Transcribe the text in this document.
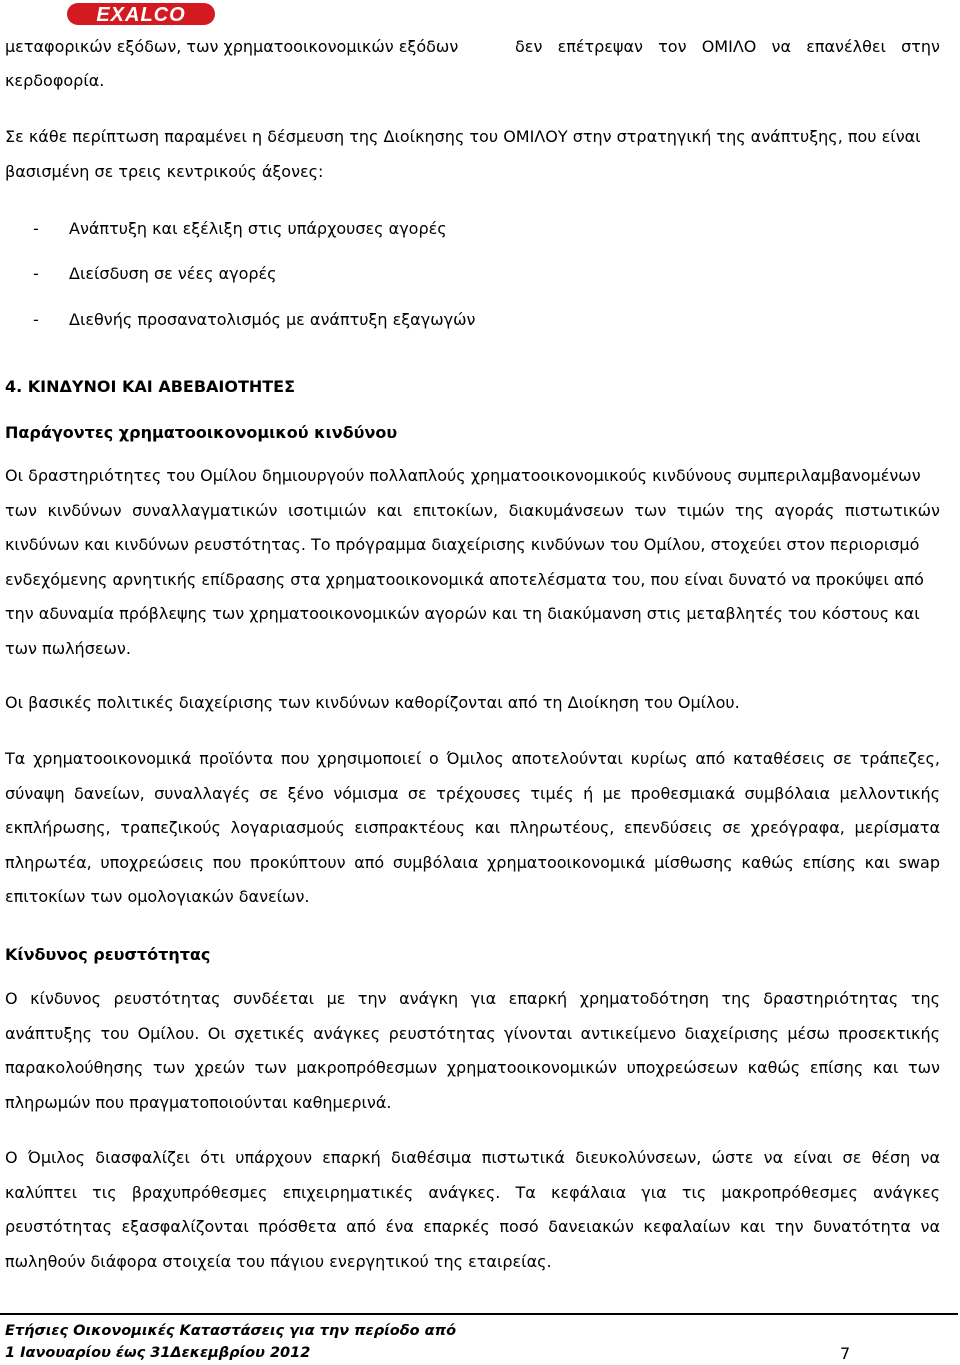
EXALCO
μεταφορικών εξόδων, των χρηματοοικονομικών εξόδων	δεν επέτρεψαν τον ΟΜΙΛΟ να επανέλθει στην
κερδοφορία.
Σε κάθε περίπτωση παραμένει η δέσμευση της Διοίκησης του ΟΜΙΛΟΥ στην στρατηγική της ανάπτυξης, που είναι
βασισμένη σε τρεις κεντρικούς άξονες:
- Ανάπτυξη και εξέλιξη στις υπάρχουσες αγορές
- Διείσδυση σε νέες αγορές
- Διεθνής προσανατολισμός με ανάπτυξη εξαγωγών
4. ΚΙΝΔΥΝΟΙ ΚΑΙ ΑΒΕΒΑΙΟΤΗΤΕΣ
Παράγοντες χρηματοοικονομικού κινδύνου
Οι δραστηριότητες του Ομίλου δημιουργούν πολλαπλούς χρηματοοικονομικούς κινδύνους συμπεριλαμβανομένων
των κινδύνων συναλλαγματικών ισοτιμιών και επιτοκίων, διακυμάνσεων των τιμών της αγοράς πιστωτικών
κινδύνων και κινδύνων ρευστότητας. Το πρόγραμμα διαχείρισης κινδύνων του Ομίλου, στοχεύει στον περιορισμό
ενδεχόμενης αρνητικής επίδρασης στα χρηματοοικονομικά αποτελέσματα του, που είναι δυνατό να προκύψει από
την αδυναμία πρόβλεψης των χρηματοοικονομικών αγορών και τη διακύμανση στις μεταβλητές του κόστους και
των πωλήσεων.
Οι βασικές πολιτικές διαχείρισης των κινδύνων καθορίζονται από τη Διοίκηση του Ομίλου.
Τα χρηματοοικονομικά προϊόντα που χρησιμοποιεί ο Όμιλος αποτελούνται κυρίως από καταθέσεις σε τράπεζες,
σύναψη δανείων, συναλλαγές σε ξένο νόμισμα σε τρέχουσες τιμές ή με προθεσμιακά συμβόλαια μελλοντικής
εκπλήρωσης, τραπεζικούς λογαριασμούς εισπρακτέους και πληρωτέους, επενδύσεις σε χρεόγραφα, μερίσματα
πληρωτέα, υποχρεώσεις που προκύπτουν από συμβόλαια χρηματοοικονομικά μίσθωσης καθώς επίσης και swap
επιτοκίων των ομολογιακών δανείων.
Κίνδυνος ρευστότητας
Ο κίνδυνος ρευστότητας συνδέεται με την ανάγκη για επαρκή χρηματοδότηση της δραστηριότητας της
ανάπτυξης του Ομίλου. Οι σχετικές ανάγκες ρευστότητας γίνονται αντικείμενο διαχείρισης μέσω προσεκτικής
παρακολούθησης των χρεών των μακροπρόθεσμων χρηματοοικονομικών υποχρεώσεων καθώς επίσης και των
πληρωμών που πραγματοποιούνται καθημερινά.
Ο Όμιλος διασφαλίζει ότι υπάρχουν επαρκή διαθέσιμα πιστωτικά διευκολύνσεων, ώστε να είναι σε θέση να
καλύπτει τις βραχυπρόθεσμες επιχειρηματικές ανάγκες. Τα κεφάλαια για τις μακροπρόθεσμες ανάγκες
ρευστότητας εξασφαλίζονται πρόσθετα από ένα επαρκές ποσό δανειακών κεφαλαίων και την δυνατότητα να
πωληθούν διάφορα στοιχεία του πάγιου ενεργητικού της εταιρείας.
Ετήσιες Οικονομικές Καταστάσεις για την περίοδο από
1 Ιανουαρίου έως 31Δεκεμβρίου 2012	7
